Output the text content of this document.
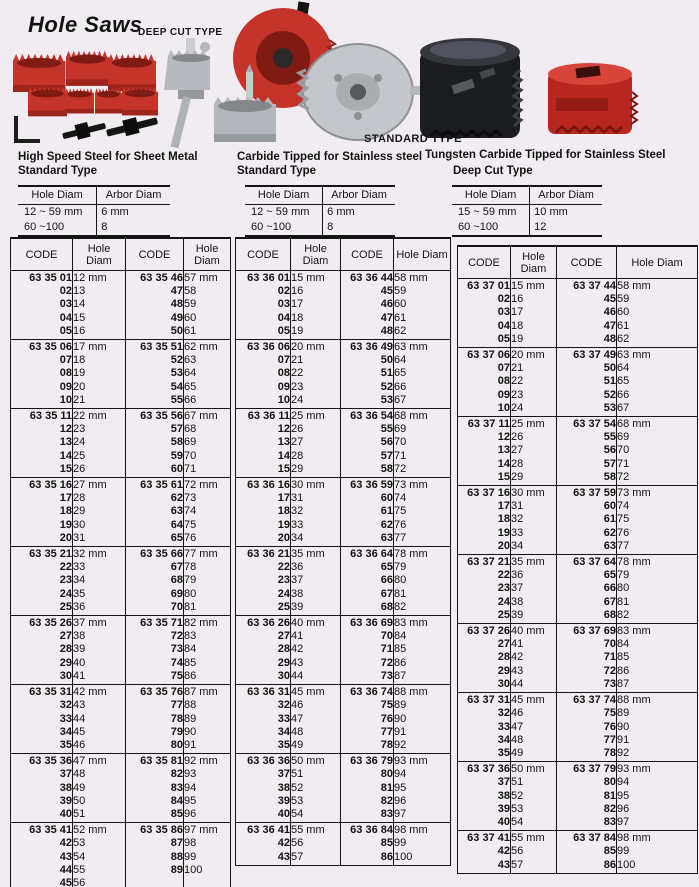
Hole Saws
DEEP CUT TYPE
STANDARD TYPE
High Speed Steel for Sheet Metal
Standard Type
Hole Diam	Arbor Diam
12 ~ 59 mm	6 mm
60 ~100	8
Carbide Tipped for Stainless steel
Standard Type
Hole Diam	Arbor Diam
12 ~ 59 mm	6 mm
60 ~100	8
Tungsten Carbide Tipped for Stainless Steel
Deep Cut Type
Hole Diam	Arbor Diam
15 ~ 59 mm	10 mm
60 ~100	12
CODE	Hole Diam	CODE	Hole Diam
63 35 01	12 mm	63 35 46	57 mm
02	13	47	58
03	14	48	59
04	15	49	60
05	16	50	61
63 35 06	17 mm	63 35 51	62 mm
07	18	52	63
08	19	53	64
09	20	54	65
10	21	55	66
63 35 11	22 mm	63 35 56	67 mm
12	23	57	68
13	24	58	69
14	25	59	70
15	26	60	71
63 35 16	27 mm	63 35 61	72 mm
17	28	62	73
18	29	63	74
19	30	64	75
20	31	65	76
63 35 21	32 mm	63 35 66	77 mm
22	33	67	78
23	34	68	79
24	35	69	80
25	36	70	81
63 35 26	37 mm	63 35 71	82 mm
27	38	72	83
28	39	73	84
29	40	74	85
30	41	75	86
63 35 31	42 mm	63 35 76	87 mm
32	43	77	88
33	44	78	89
34	45	79	90
35	46	80	91
63 35 36	47 mm	63 35 81	92 mm
37	48	82	93
38	49	83	94
39	50	84	95
40	51	85	96
63 35 41	52 mm	63 35 86	97 mm
42	53	87	98
43	54	88	99
44	55	89	100
45	56		
CODE	Hole Diam	CODE	Hole Diam
63 36 01	15 mm	63 36 44	58 mm
02	16	45	59
03	17	46	60
04	18	47	61
05	19	48	62
63 36 06	20 mm	63 36 49	63 mm
07	21	50	64
08	22	51	65
09	23	52	66
10	24	53	67
63 36 11	25 mm	63 36 54	68 mm
12	26	55	69
13	27	56	70
14	28	57	71
15	29	58	72
63 36 16	30 mm	63 36 59	73 mm
17	31	60	74
18	32	61	75
19	33	62	76
20	34	63	77
63 36 21	35 mm	63 36 64	78 mm
22	36	65	79
23	37	66	80
24	38	67	81
25	39	68	82
63 36 26	40 mm	63 36 69	83 mm
27	41	70	84
28	42	71	85
29	43	72	86
30	44	73	87
63 36 31	45 mm	63 36 74	88 mm
32	46	75	89
33	47	76	90
34	48	77	91
35	49	78	92
63 36 36	50 mm	63 36 79	93 mm
37	51	80	94
38	52	81	95
39	53	82	96
40	54	83	97
63 36 41	55 mm	63 36 84	98 mm
42	56	85	99
43	57	86	100
CODE	Hole Diam	CODE	Hole Diam
63 37 01	15 mm	63 37 44	58 mm
02	16	45	59
03	17	46	60
04	18	47	61
05	19	48	62
63 37 06	20 mm	63 37 49	63 mm
07	21	50	64
08	22	51	65
09	23	52	66
10	24	53	67
63 37 11	25 mm	63 37 54	68 mm
12	26	55	69
13	27	56	70
14	28	57	71
15	29	58	72
63 37 16	30 mm	63 37 59	73 mm
17	31	60	74
18	32	61	75
19	33	62	76
20	34	63	77
63 37 21	35 mm	63 37 64	78 mm
22	36	65	79
23	37	66	80
24	38	67	81
25	39	68	82
63 37 26	40 mm	63 37 69	83 mm
27	41	70	84
28	42	71	85
29	43	72	86
30	44	73	87
63 37 31	45 mm	63 37 74	88 mm
32	46	75	89
33	47	76	90
34	48	77	91
35	49	78	92
63 37 36	50 mm	63 37 79	93 mm
37	51	80	94
38	52	81	95
39	53	82	96
40	54	83	97
63 37 41	55 mm	63 37 84	98 mm
42	56	85	99
43	57	86	100
